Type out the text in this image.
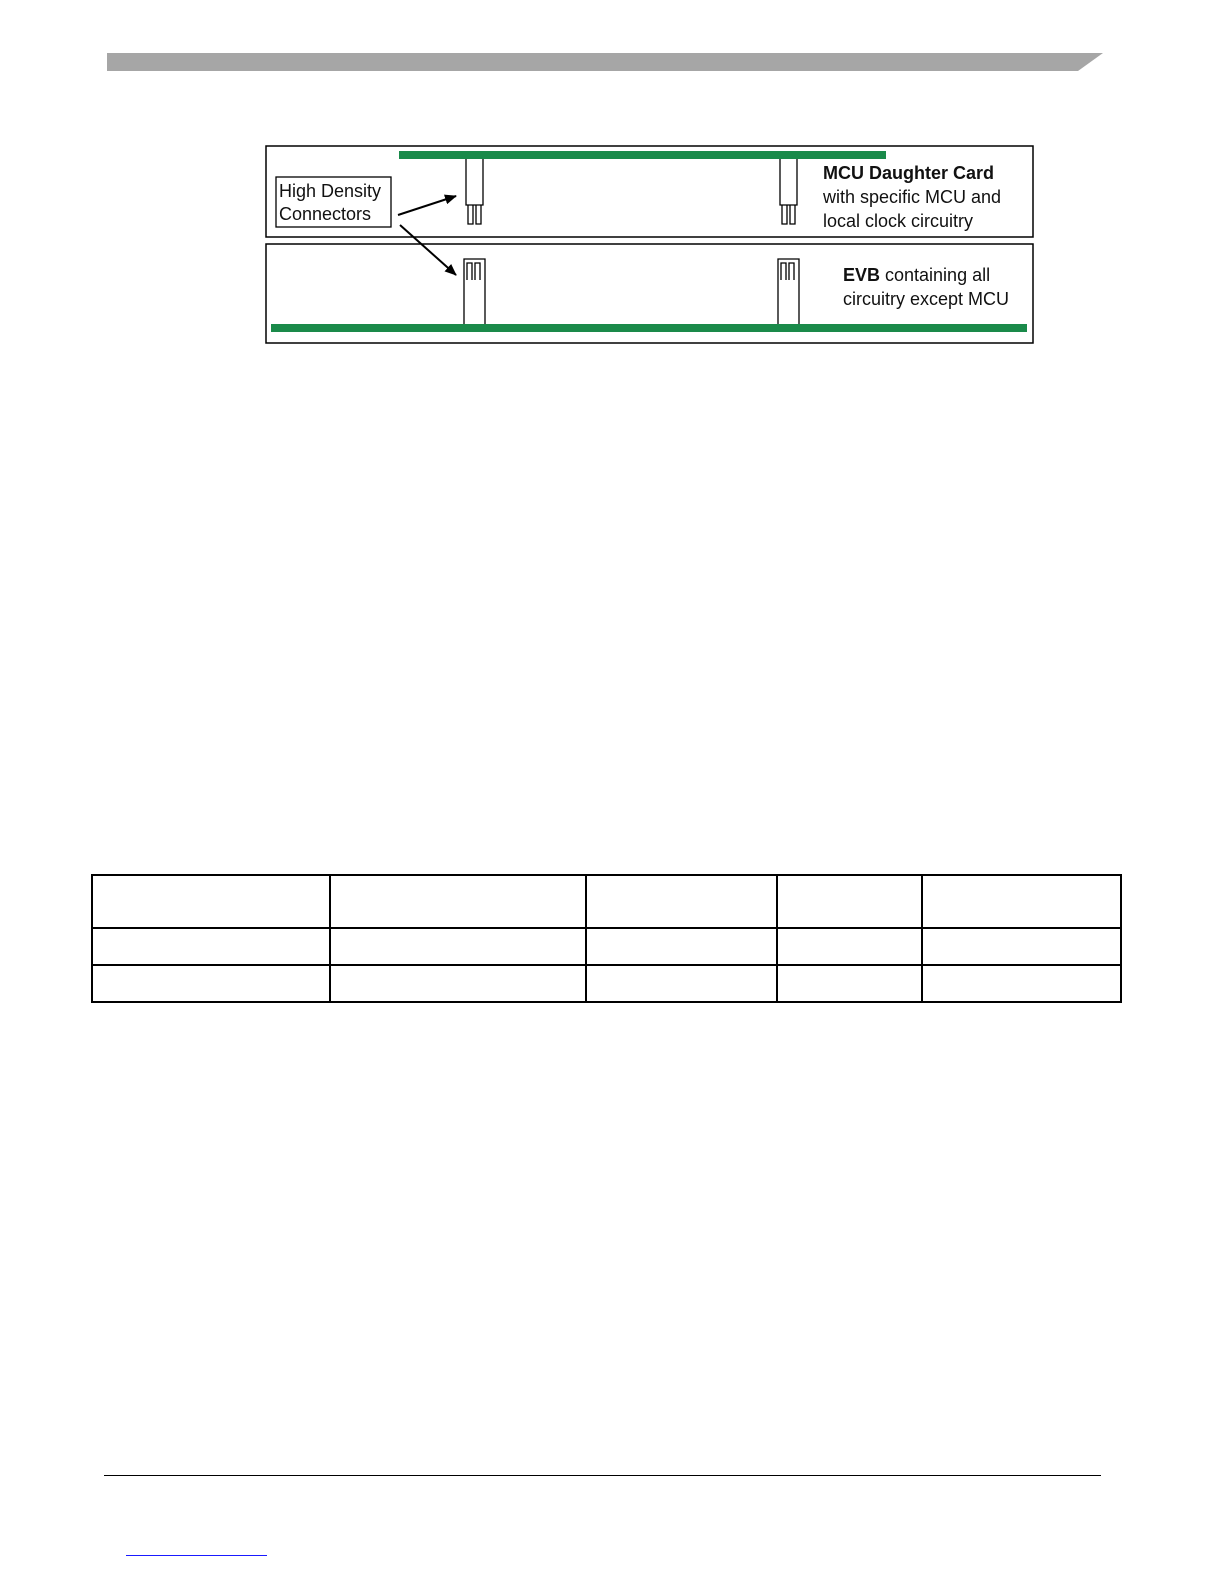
MCU Daughter Card
with specific MCU and
local clock circuitry
EVB containing all
circuitry except MCU
High Density
Connectors
